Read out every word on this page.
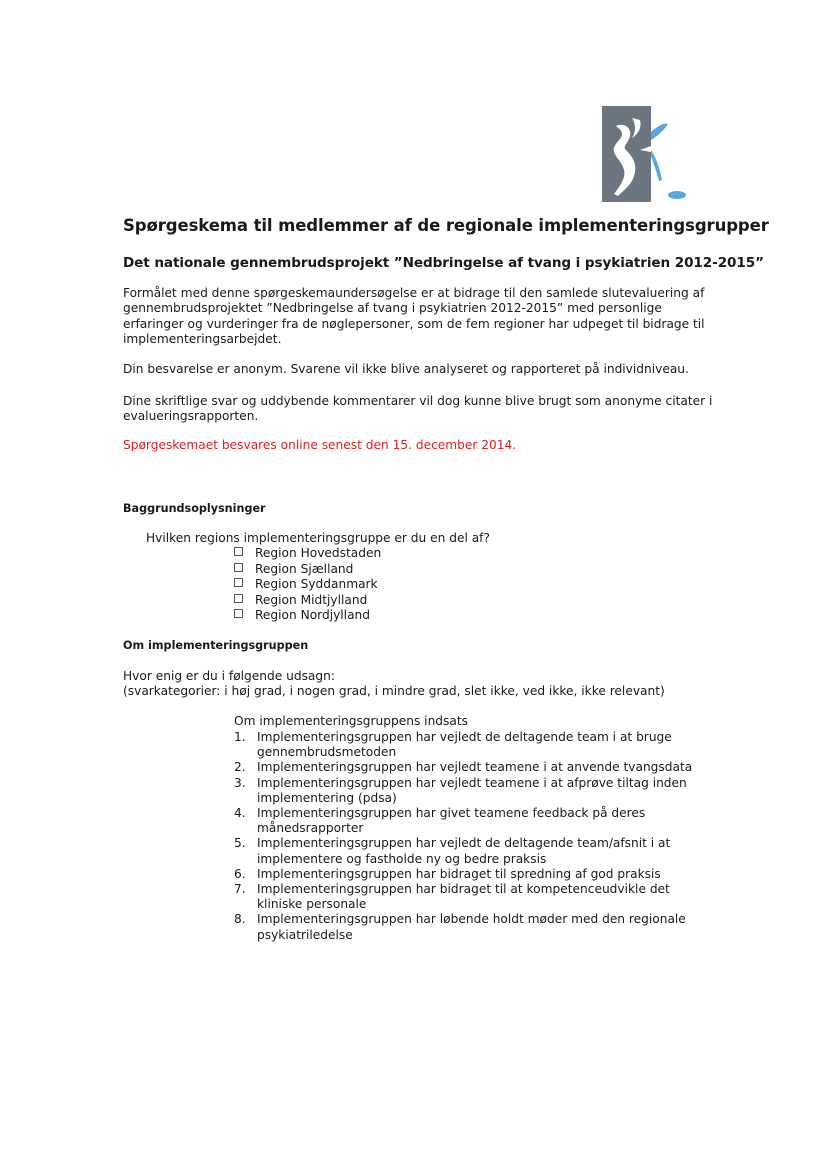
Spørgeskema til medlemmer af de regionale implementeringsgrupper
Det nationale gennembrudsprojekt ”Nedbringelse af tvang i psykiatrien 2012-2015”

Formålet med denne spørgeskemaundersøgelse er at bidrage til den samlede slutevaluering af gennembrudsprojektet ”Nedbringelse af tvang i psykiatrien 2012-2015” med personlige erfaringer og vurderinger fra de nøglepersoner, som de fem regioner har udpeget til bidrage til implementeringsarbejdet.

Din besvarelse er anonym. Svarene vil ikke blive analyseret og rapporteret på individniveau.

Dine skriftlige svar og uddybende kommentarer vil dog kunne blive brugt som anonyme citater i evalueringsrapporten.

Spørgeskemaet besvares online senest den 15. december 2014.

Baggrundsoplysninger

Hvilken regions implementeringsgruppe er du en del af?

Region Hovedstaden
Region Sjælland
Region Syddanmark
Region Midtjylland
Region Nordjylland
Om implementeringsgruppen
Hvor enig er du i følgende udsagn:
(svarkategorier: i høj grad, i nogen grad, i mindre grad, slet ikke, ved ikke, ikke relevant)

Om implementeringsgruppens indsats

1. Implementeringsgruppen har vejledt de deltagende team i at bruge gennembrudsmetoden
2. Implementeringsgruppen har vejledt teamene i at anvende tvangsdata
3. Implementeringsgruppen har vejledt teamene i at afprøve tiltag inden implementering (pdsa)
4. Implementeringsgruppen har givet teamene feedback på deres månedsrapporter
5. Implementeringsgruppen har vejledt de deltagende team/afsnit i at implementere og fastholde ny og bedre praksis
6. Implementeringsgruppen har bidraget til spredning af god praksis
7. Implementeringsgruppen har bidraget til at kompetenceudvikle det kliniske personale
8. Implementeringsgruppen har løbende holdt møder med den regionale psykiatriledelse
